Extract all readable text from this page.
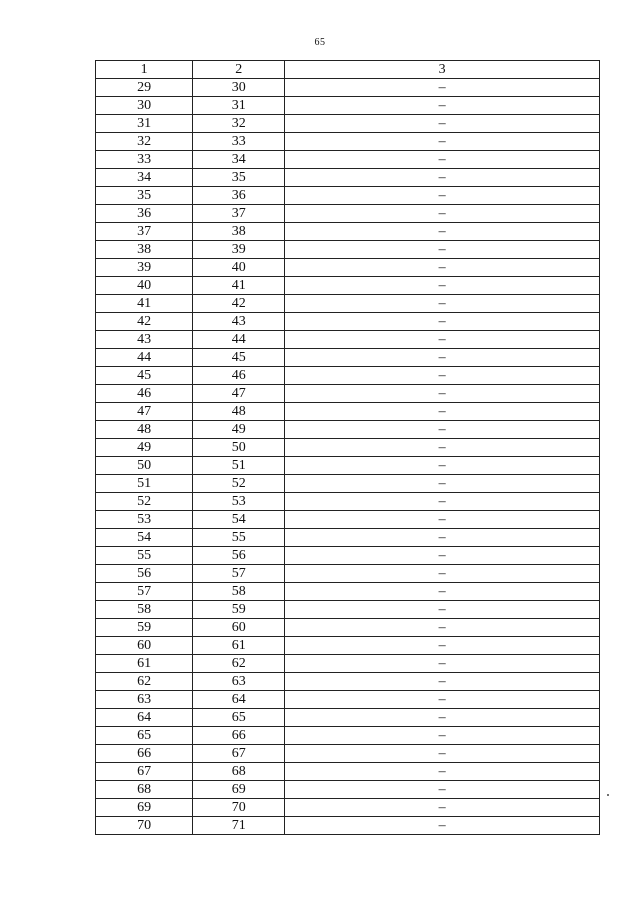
65
1	2	3
29	30	–
30	31	–
31	32	–
32	33	–
33	34	–
34	35	–
35	36	–
36	37	–
37	38	–
38	39	–
39	40	–
40	41	–
41	42	–
42	43	–
43	44	–
44	45	–
45	46	–
46	47	–
47	48	–
48	49	–
49	50	–
50	51	–
51	52	–
52	53	–
53	54	–
54	55	–
55	56	–
56	57	–
57	58	–
58	59	–
59	60	–
60	61	–
61	62	–
62	63	–
63	64	–
64	65	–
65	66	–
66	67	–
67	68	–
68	69	–
69	70	–
70	71	–
